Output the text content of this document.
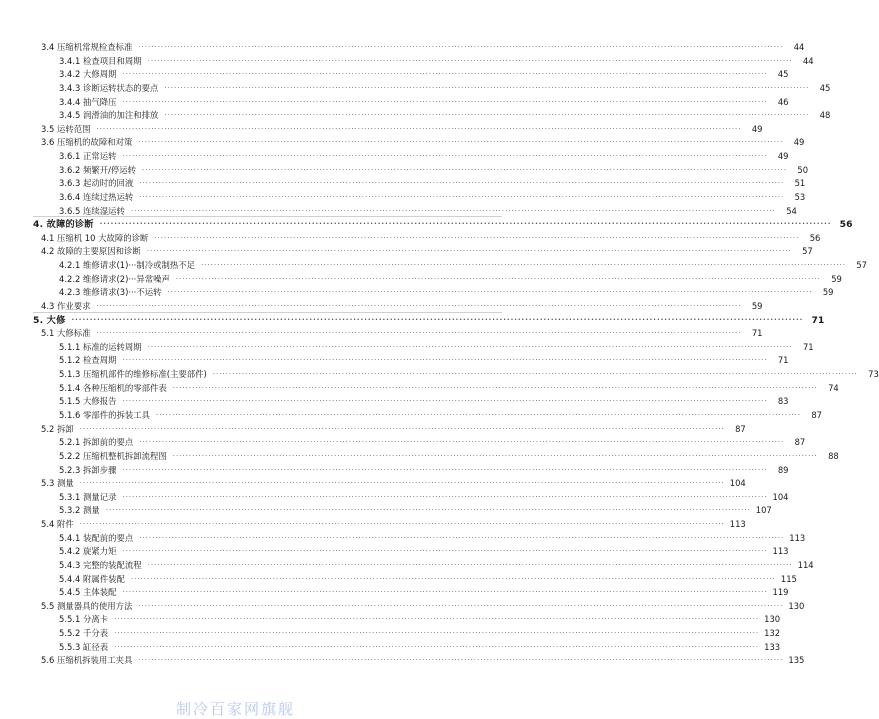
3.4 压缩机常规检查标准 ········································································································································································································	44
3.4.1 检查项目和周期 ········································································································································································································	44
3.4.2 大修周期 ········································································································································································································	45
3.4.3 诊断运转状态的要点 ········································································································································································································	45
3.4.4 抽气降压 ········································································································································································································	46
3.4.5 润滑油的加注和排放 ········································································································································································································	48
3.5 运转范围 ········································································································································································································	49
3.6 压缩机的故障和对策 ········································································································································································································	49
3.6.1 正常运转 ········································································································································································································	49
3.6.2 频繁开/停运转 ········································································································································································································	50
3.6.3 起动时的回液 ········································································································································································································	51
3.6.4 连续过热运转 ········································································································································································································	53
3.6.5 连续湿运转 ········································································································································································································	54
4. 故障的诊断 ········································································································································································································ 56
4.1 压缩机 10 大故障的诊断 ········································································································································································································	56
4.2 故障的主要原因和诊断 ········································································································································································································	57
4.2.1 维修请求(1)···制冷或制热不足 ········································································································································································································	57
4.2.2 维修请求(2)···异常噪声 ········································································································································································································	59
4.2.3 维修请求(3)···不运转 ········································································································································································································	59
4.3 作业要求 ········································································································································································································	59
5. 大修 ········································································································································································································ 71
5.1 大修标准 ········································································································································································································	71
5.1.1 标准的运转周期 ········································································································································································································	71
5.1.2 检查周期 ········································································································································································································	71
5.1.3 压缩机部件的维修标准(主要部件) ········································································································································································································	73
5.1.4 各种压缩机的零部件表 ········································································································································································································	74
5.1.5 大修报告 ········································································································································································································	83
5.1.6 零部件的拆装工具 ········································································································································································································	87
5.2 拆卸 ········································································································································································································	87
5.2.1 拆卸前的要点 ········································································································································································································	87
5.2.2 压缩机整机拆卸流程图 ········································································································································································································	88
5.2.3 拆卸步骤 ········································································································································································································	89
5.3 测量 ········································································································································································································ 104
5.3.1 测量记录 ········································································································································································································ 104
5.3.2 测量 ········································································································································································································ 107
5.4 附件 ········································································································································································································ 113
5.4.1 装配前的要点 ········································································································································································································ 113
5.4.2 旋紧力矩 ········································································································································································································ 113
5.4.3 完整的装配流程 ········································································································································································································ 114
5.4.4 附属件装配 ········································································································································································································ 115
5.4.5 主体装配 ········································································································································································································ 119
5.5 测量器具的使用方法 ········································································································································································································ 130
5.5.1 分离卡 ········································································································································································································ 130
5.5.2 千分表 ········································································································································································································ 132
5.5.3 缸径表 ········································································································································································································ 133
5.6 压缩机拆装用工夹具 ········································································································································································································ 135
制冷百家网旗舰
